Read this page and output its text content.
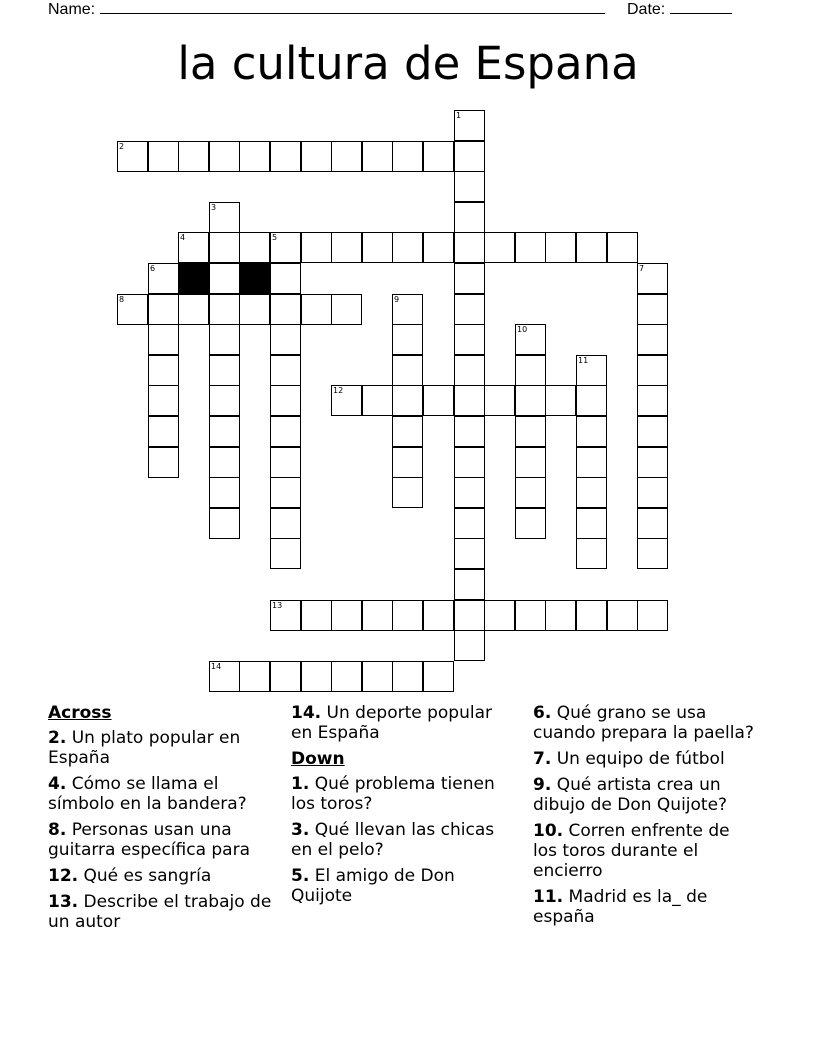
Name:	Date:
la cultura de Espana
1
2
3
4	5
6	7
8	9
10
11
12
13
14
Across
2. Un plato popular en España
4. Cómo se llama el símbolo en la bandera?
8. Personas usan una guitarra específica para
12. Qué es sangría
13. Describe el trabajo de un autor
14. Un deporte popular en España
Down
1. Qué problema tienen los toros?
3. Qué llevan las chicas en el pelo?
5. El amigo de Don Quijote
6. Qué grano se usa cuando prepara la paella?
7. Un equipo de fútbol
9. Qué artista crea un dibujo de Don Quijote?
10. Corren enfrente de los toros durante el encierro
11. Madrid es la_ de españa
